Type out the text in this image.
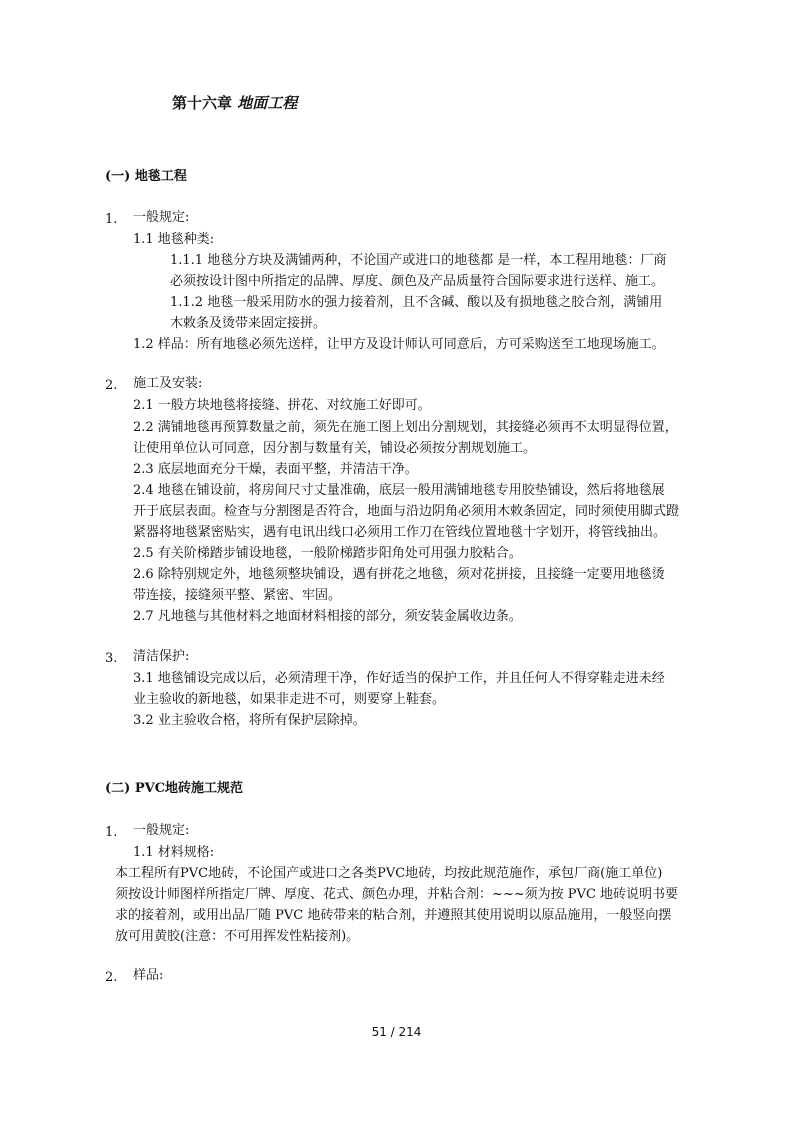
第十六章 地面工程
(一) 地毯工程
1. 一般规定:
1.1 地毯种类:
1.1.1 地毯分方块及满铺两种，不论国产或进口的地毯都 是一样，本工程用地毯：厂商
必须按设计图中所指定的品牌、厚度、颜色及产品质量符合国际要求进行送样、施工。
1.1.2 地毯一般采用防水的强力接着剂，且不含碱、酸以及有损地毯之胶合剂，满铺用
木敕条及烫带来固定接拼。
1.2 样品：所有地毯必须先送样，让甲方及设计师认可同意后，方可采购送至工地现场施工。
2. 施工及安装:
2.1 一般方块地毯将接缝、拼花、对纹施工好即可。
2.2 满铺地毯再预算数量之前，须先在施工图上划出分割规划，其接缝必须再不太明显得位置，
让使用单位认可同意，因分割与数量有关，铺设必须按分割规划施工。
2.3 底层地面充分干燥，表面平整，并清洁干净。
2.4 地毯在铺设前，将房间尺寸丈量准确，底层一般用满铺地毯专用胶垫铺设，然后将地毯展
开于底层表面。检查与分割图是否符合，地面与沿边阴角必须用木敕条固定，同时须使用脚式蹬
紧器将地毯紧密贴实，遇有电讯出线口必须用工作刀在管线位置地毯十字划开，将管线抽出。
2.5 有关阶梯踏步铺设地毯，一般阶梯踏步阳角处可用强力胶粘合。
2.6 除特别规定外，地毯须整块铺设，遇有拼花之地毯，须对花拼接，且接缝一定要用地毯烫
带连接，接缝须平整、紧密、牢固。
2.7 凡地毯与其他材料之地面材料相接的部分，须安装金属收边条。
3. 清洁保护:
3.1 地毯铺设完成以后，必须清理干净，作好适当的保护工作，并且任何人不得穿鞋走进未经
业主验收的新地毯，如果非走进不可，则要穿上鞋套。
3.2 业主验收合格，将所有保护层除掉。
(二) PVC地砖施工规范
1. 一般规定:
1.1 材料规格:
本工程所有PVC地砖，不论国产或进口之各类PVC地砖，均按此规范施作，承包厂商(施工单位)
须按设计师图样所指定厂牌、厚度、花式、颜色办理，并粘合剂：~~~须为按 PVC 地砖说明书要
求的接着剂，或用出品厂随 PVC 地砖带来的粘合剂，并遵照其使用说明以原品施用，一般竖向摆
放可用黄胶(注意：不可用挥发性粘接剂)。
2. 样品:
51 / 214
